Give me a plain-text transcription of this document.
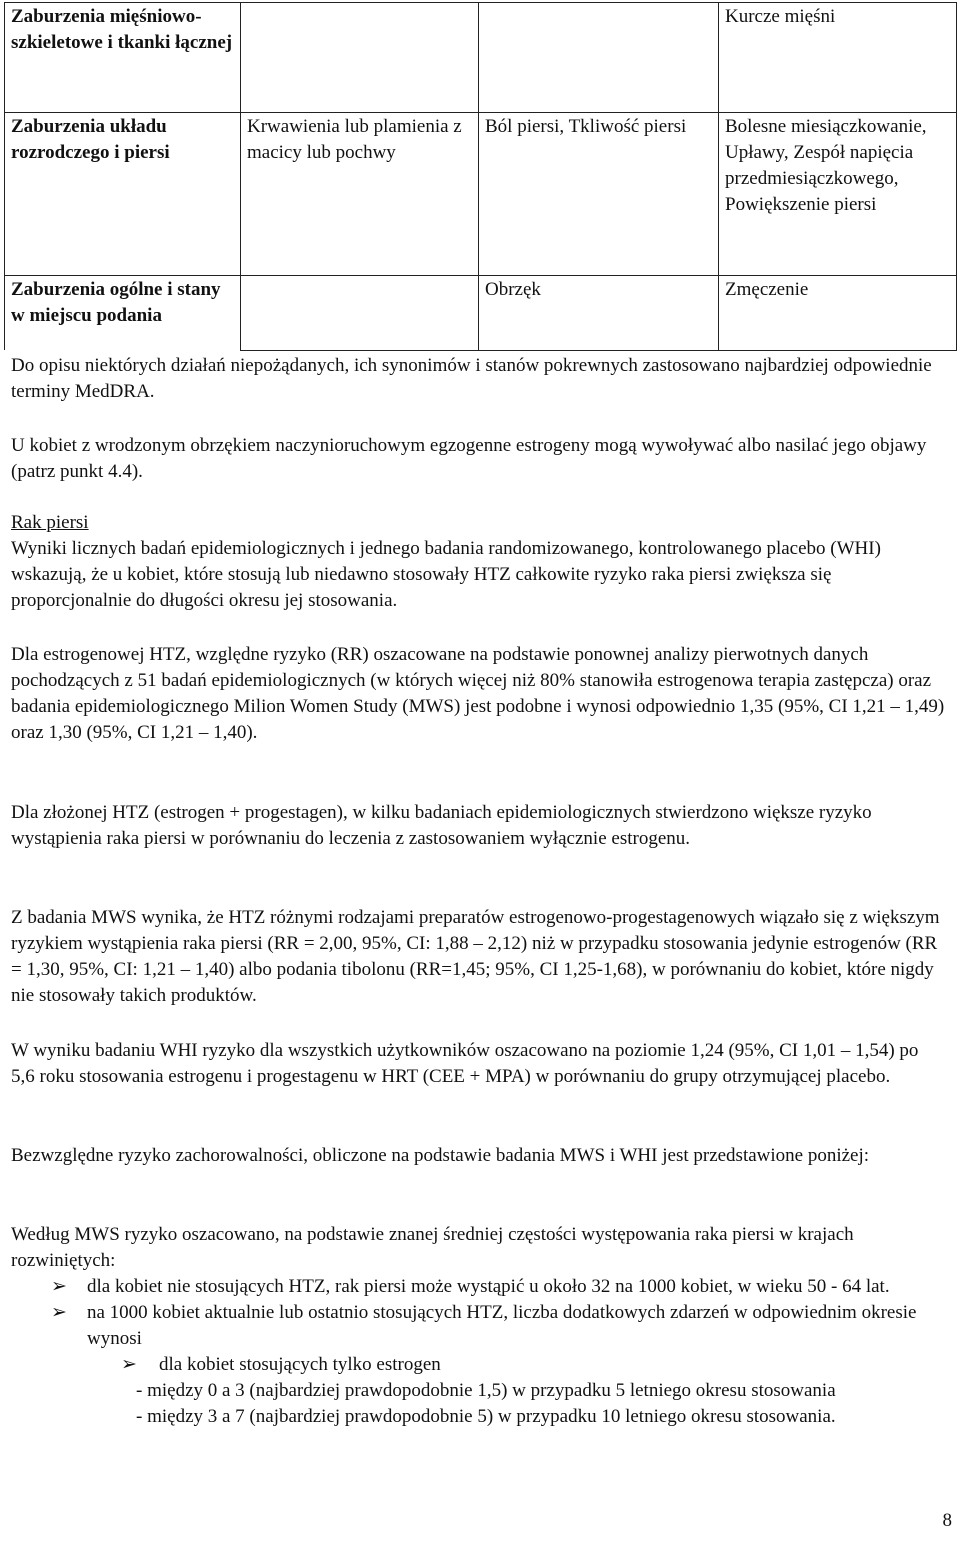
Zaburzenia mięśniowo-szkieletowe i tkanki łącznej			Kurcze mięśni
Zaburzenia układu rozrodczego i piersi	Krwawienia lub plamienia z macicy lub pochwy	Ból piersi, Tkliwość piersi	Bolesne miesiączkowanie, Upławy, Zespół napięcia przedmiesiączkowego, Powiększenie piersi
Zaburzenia ogólne i stany w miejscu podania		Obrzęk	Zmęczenie

Do opisu niektórych działań niepożądanych, ich synonimów i stanów pokrewnych zastosowano najbardziej odpowiednie terminy MedDRA.

U kobiet z wrodzonym obrzękiem naczynioruchowym egzogenne estrogeny mogą wywoływać albo nasilać jego objawy (patrz punkt 4.4).

Rak piersi

Wyniki licznych badań epidemiologicznych i jednego badania randomizowanego, kontrolowanego placebo (WHI) wskazują, że u kobiet, które stosują lub niedawno stosowały HTZ całkowite ryzyko raka piersi zwiększa się proporcjonalnie do długości okresu jej stosowania.

Dla estrogenowej HTZ, względne ryzyko (RR) oszacowane na podstawie ponownej analizy pierwotnych danych pochodzących z 51 badań epidemiologicznych (w których więcej niż 80% stanowiła estrogenowa terapia zastępcza) oraz badania epidemiologicznego Milion Women Study (MWS) jest podobne i wynosi odpowiednio 1,35 (95%, CI 1,21 – 1,49) oraz 1,30 (95%, CI 1,21 – 1,40).

Dla złożonej HTZ (estrogen + progestagen), w kilku badaniach epidemiologicznych stwierdzono większe ryzyko wystąpienia raka piersi w porównaniu do leczenia z zastosowaniem wyłącznie estrogenu.

Z badania MWS wynika, że HTZ różnymi rodzajami preparatów estrogenowo-progestagenowych wiązało się z większym ryzykiem wystąpienia raka piersi (RR = 2,00, 95%, CI: 1,88 – 2,12) niż w przypadku stosowania jedynie estrogenów (RR = 1,30, 95%, CI: 1,21 – 1,40) albo podania tibolonu (RR=1,45; 95%, CI 1,25-1,68), w porównaniu do kobiet, które nigdy nie stosowały takich produktów.

W wyniku badaniu WHI ryzyko dla wszystkich użytkowników oszacowano na poziomie 1,24 (95%, CI 1,01 – 1,54) po 5,6 roku stosowania estrogenu i progestagenu w HRT (CEE + MPA) w porównaniu do grupy otrzymującej placebo.

Bezwzględne ryzyko zachorowalności, obliczone na podstawie badania MWS i WHI jest przedstawione poniżej:

Według MWS ryzyko oszacowano, na podstawie znanej średniej częstości występowania raka piersi w krajach rozwiniętych:

➢	dla kobiet nie stosujących HTZ, rak piersi może wystąpić u około 32 na 1000 kobiet, w wieku 50 - 64 lat.
➢	na 1000 kobiet aktualnie lub ostatnio stosujących HTZ, liczba dodatkowych zdarzeń w odpowiednim okresie wynosi
➢	dla kobiet stosujących tylko estrogen
- między 0 a 3 (najbardziej prawdopodobnie 1,5) w przypadku 5 letniego okresu stosowania
- między 3 a 7 (najbardziej prawdopodobnie 5) w przypadku 10 letniego okresu stosowania.
8
